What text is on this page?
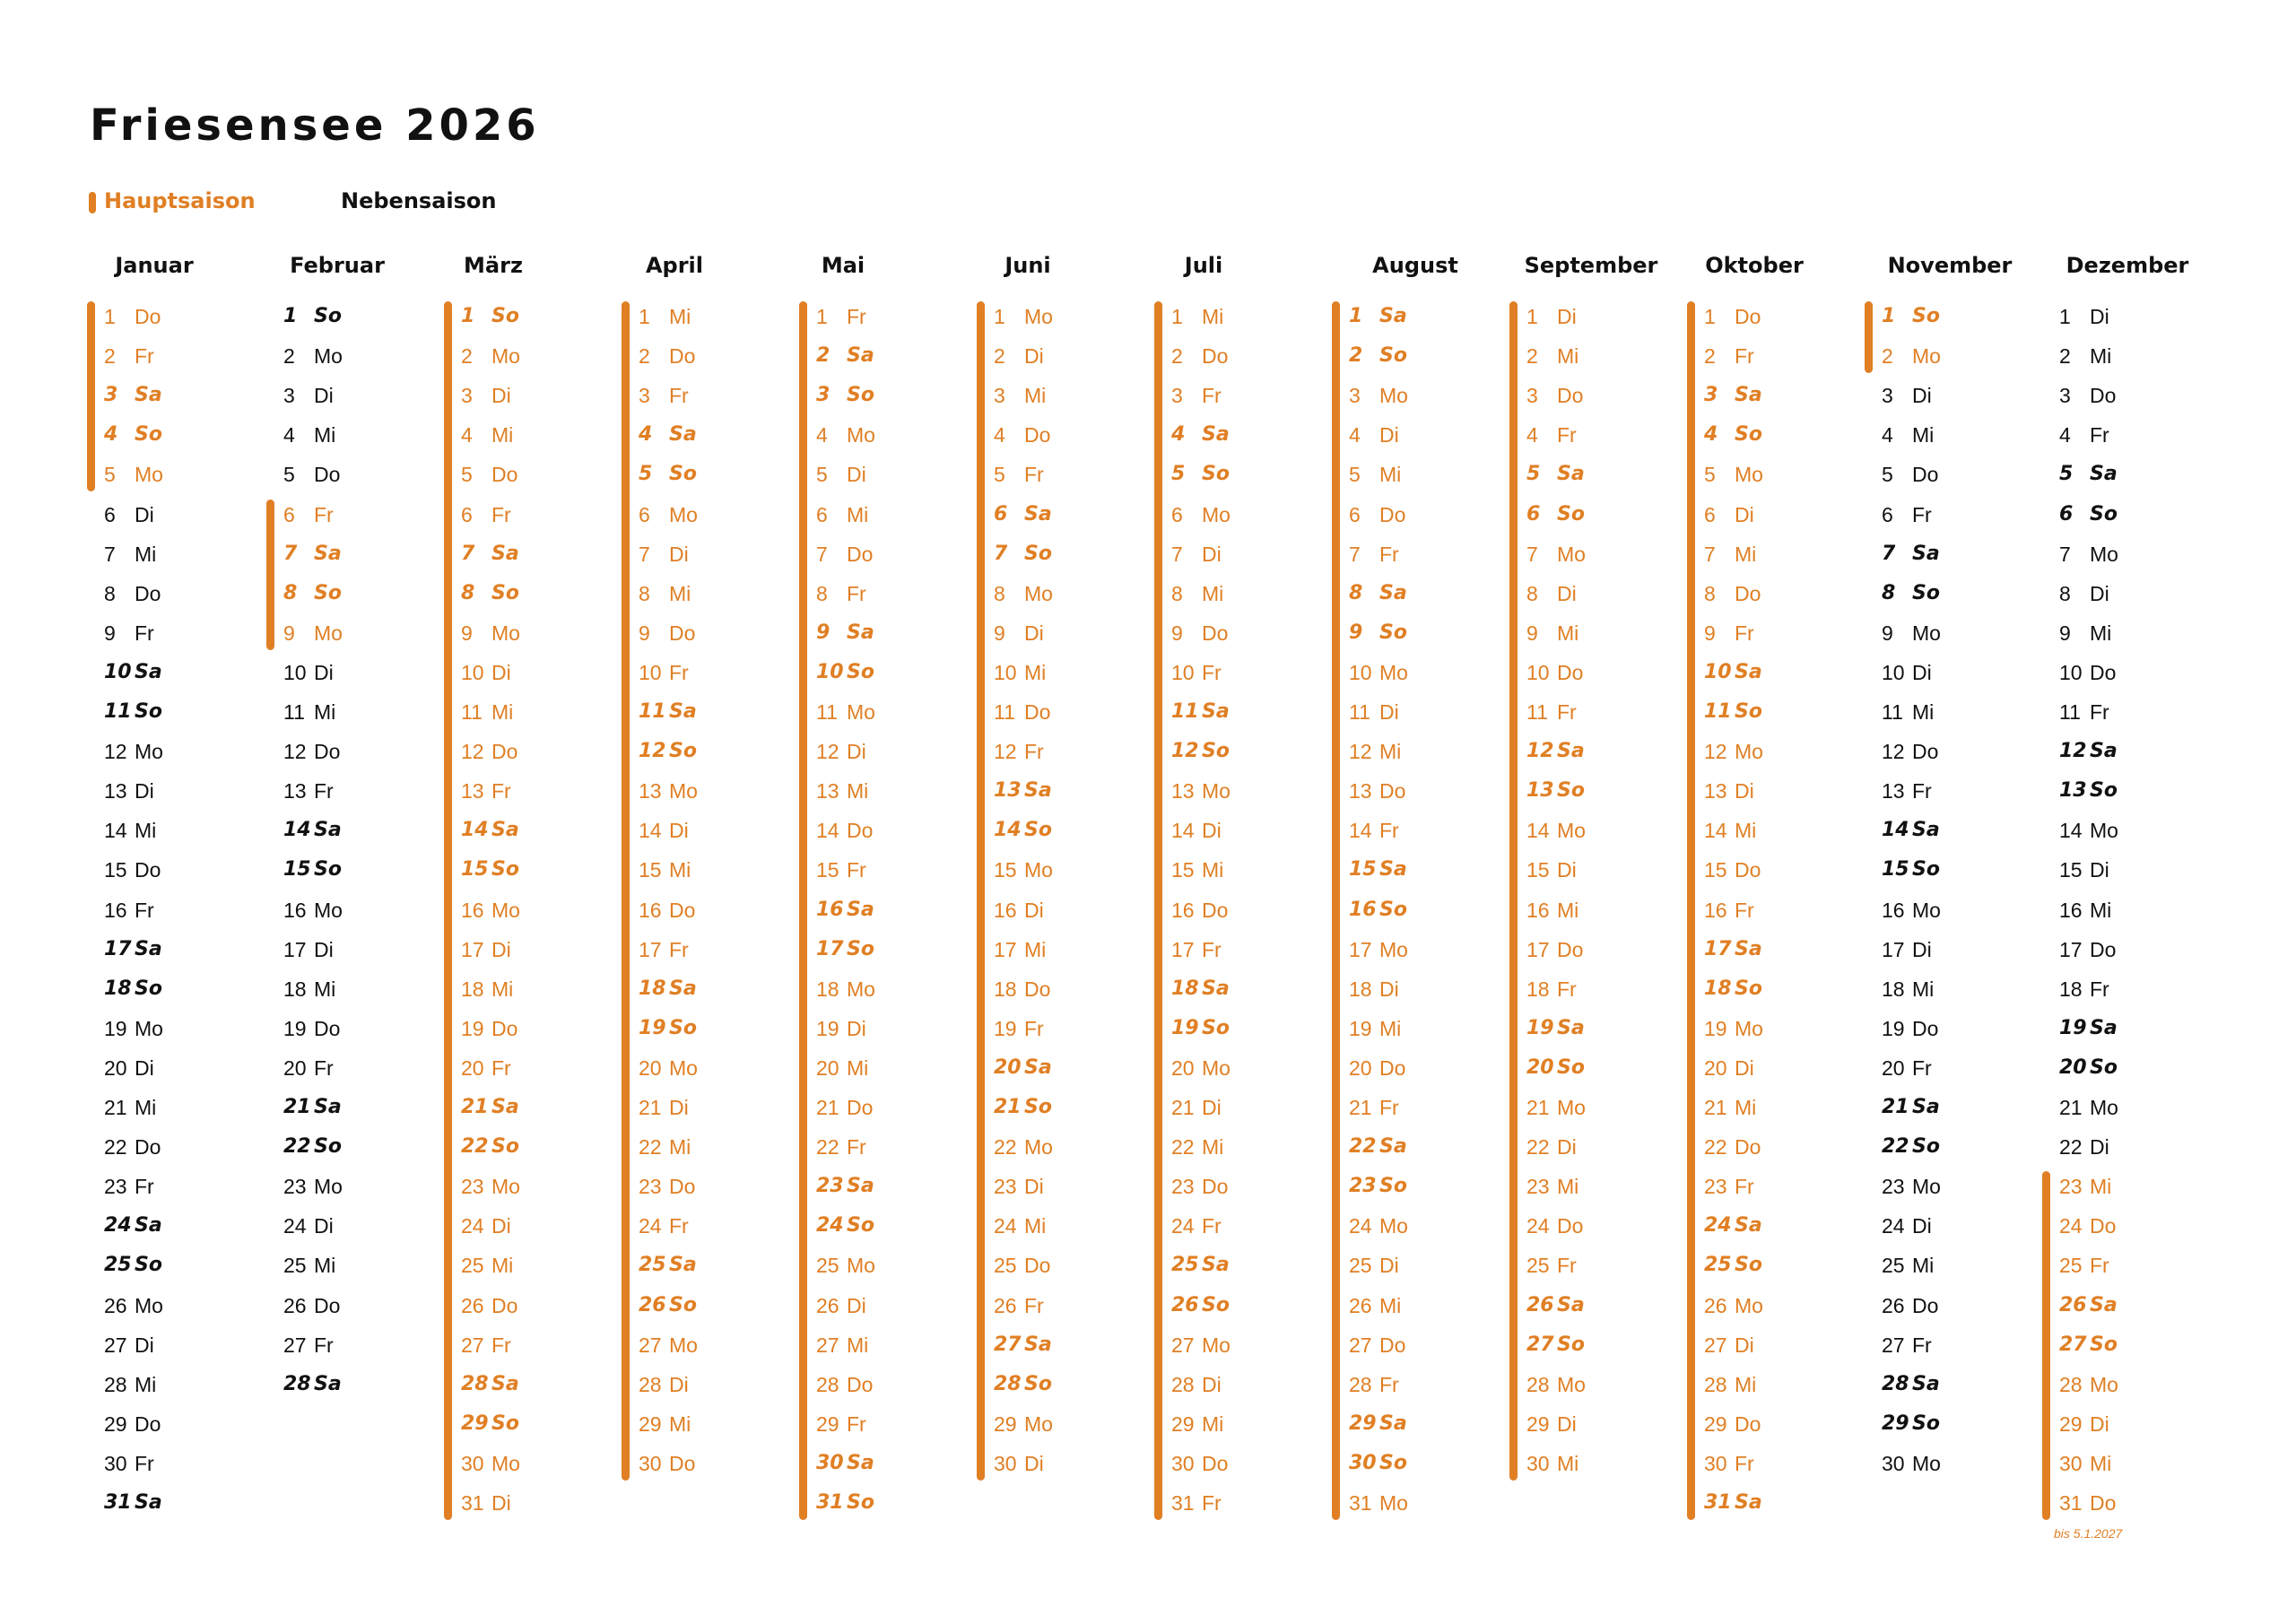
Friesensee 2026
Hauptsaison	Nebensaison
Januar
1 Do
2 Fr
3 Sa
4 So
5 Mo
6 Di
7 Mi
8 Do
9 Fr
10 Sa
11 So
12 Mo
13 Di
14 Mi
15 Do
16 Fr
17 Sa
18 So
19 Mo
20 Di
21 Mi
22 Do
23 Fr
24 Sa
25 So
26 Mo
27 Di
28 Mi
29 Do
30 Fr
31 Sa
Februar
1 So
2 Mo
3 Di
4 Mi
5 Do
6 Fr
7 Sa
8 So
9 Mo
10 Di
11 Mi
12 Do
13 Fr
14 Sa
15 So
16 Mo
17 Di
18 Mi
19 Do
20 Fr
21 Sa
22 So
23 Mo
24 Di
25 Mi
26 Do
27 Fr
28 Sa
März
1 So
2 Mo
3 Di
4 Mi
5 Do
6 Fr
7 Sa
8 So
9 Mo
10 Di
11 Mi
12 Do
13 Fr
14 Sa
15 So
16 Mo
17 Di
18 Mi
19 Do
20 Fr
21 Sa
22 So
23 Mo
24 Di
25 Mi
26 Do
27 Fr
28 Sa
29 So
30 Mo
31 Di
April
1 Mi
2 Do
3 Fr
4 Sa
5 So
6 Mo
7 Di
8 Mi
9 Do
10 Fr
11 Sa
12 So
13 Mo
14 Di
15 Mi
16 Do
17 Fr
18 Sa
19 So
20 Mo
21 Di
22 Mi
23 Do
24 Fr
25 Sa
26 So
27 Mo
28 Di
29 Mi
30 Do
Mai
1 Fr
2 Sa
3 So
4 Mo
5 Di
6 Mi
7 Do
8 Fr
9 Sa
10 So
11 Mo
12 Di
13 Mi
14 Do
15 Fr
16 Sa
17 So
18 Mo
19 Di
20 Mi
21 Do
22 Fr
23 Sa
24 So
25 Mo
26 Di
27 Mi
28 Do
29 Fr
30 Sa
31 So
Juni
1 Mo
2 Di
3 Mi
4 Do
5 Fr
6 Sa
7 So
8 Mo
9 Di
10 Mi
11 Do
12 Fr
13 Sa
14 So
15 Mo
16 Di
17 Mi
18 Do
19 Fr
20 Sa
21 So
22 Mo
23 Di
24 Mi
25 Do
26 Fr
27 Sa
28 So
29 Mo
30 Di
Juli
1 Mi
2 Do
3 Fr
4 Sa
5 So
6 Mo
7 Di
8 Mi
9 Do
10 Fr
11 Sa
12 So
13 Mo
14 Di
15 Mi
16 Do
17 Fr
18 Sa
19 So
20 Mo
21 Di
22 Mi
23 Do
24 Fr
25 Sa
26 So
27 Mo
28 Di
29 Mi
30 Do
31 Fr
August
1 Sa
2 So
3 Mo
4 Di
5 Mi
6 Do
7 Fr
8 Sa
9 So
10 Mo
11 Di
12 Mi
13 Do
14 Fr
15 Sa
16 So
17 Mo
18 Di
19 Mi
20 Do
21 Fr
22 Sa
23 So
24 Mo
25 Di
26 Mi
27 Do
28 Fr
29 Sa
30 So
31 Mo
September
1 Di
2 Mi
3 Do
4 Fr
5 Sa
6 So
7 Mo
8 Di
9 Mi
10 Do
11 Fr
12 Sa
13 So
14 Mo
15 Di
16 Mi
17 Do
18 Fr
19 Sa
20 So
21 Mo
22 Di
23 Mi
24 Do
25 Fr
26 Sa
27 So
28 Mo
29 Di
30 Mi
Oktober
1 Do
2 Fr
3 Sa
4 So
5 Mo
6 Di
7 Mi
8 Do
9 Fr
10 Sa
11 So
12 Mo
13 Di
14 Mi
15 Do
16 Fr
17 Sa
18 So
19 Mo
20 Di
21 Mi
22 Do
23 Fr
24 Sa
25 So
26 Mo
27 Di
28 Mi
29 Do
30 Fr
31 Sa
November
1 So
2 Mo
3 Di
4 Mi
5 Do
6 Fr
7 Sa
8 So
9 Mo
10 Di
11 Mi
12 Do
13 Fr
14 Sa
15 So
16 Mo
17 Di
18 Mi
19 Do
20 Fr
21 Sa
22 So
23 Mo
24 Di
25 Mi
26 Do
27 Fr
28 Sa
29 So
30 Mo
Dezember
1 Di
2 Mi
3 Do
4 Fr
5 Sa
6 So
7 Mo
8 Di
9 Mi
10 Do
11 Fr
12 Sa
13 So
14 Mo
15 Di
16 Mi
17 Do
18 Fr
19 Sa
20 So
21 Mo
22 Di
23 Mi
24 Do
25 Fr
26 Sa
27 So
28 Mo
29 Di
30 Mi
31 Do
bis 5.1.2027
